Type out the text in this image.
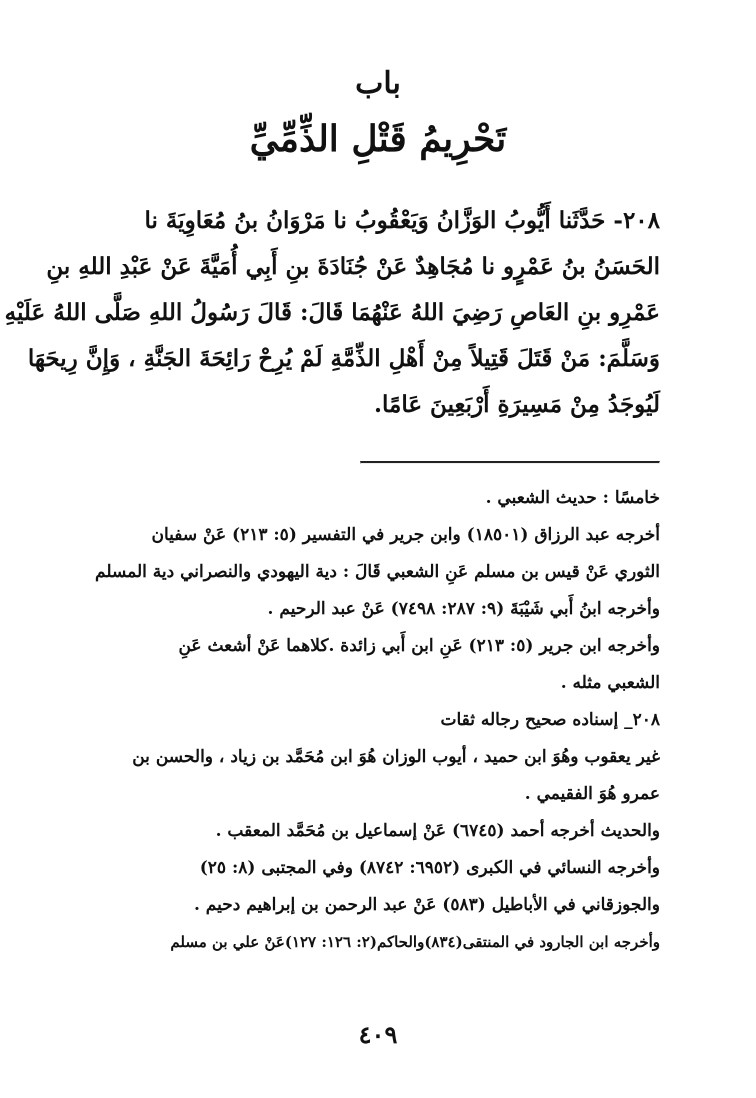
باب
تَحْرِيمُ قَتْلِ الذِّمِّيِّ

٢٠٨- حَدَّثَنا أَيُّوبُ الوَزَّانُ وَيَعْقُوبُ نا مَرْوَانُ بنُ مُعَاوِيَةَ نا
الحَسَنُ بنُ عَمْرٍو نا مُجَاهِدٌ عَنْ جُنَادَةَ بنِ أَبِي أُمَيَّةَ عَنْ عَبْدِ اللهِ بنِ
عَمْرِو بنِ العَاصِ رَضِيَ اللهُ عَنْهُمَا قَالَ: قَالَ رَسُولُ اللهِ صَلَّى اللهُ عَلَيْهِ
وَسَلَّمَ: مَنْ قَتَلَ قَتِيلاً مِنْ أَهْلِ الذِّمَّةِ لَمْ يُرِحْ رَائِحَةَ الجَنَّةِ ، وَإِنَّ رِيحَهَا
لَيُوجَدُ مِنْ مَسِيرَةِ أَرْبَعِينَ عَامًا.

خامسًا : حديث الشعبي .
أخرجه عبد الرزاق (١٨٥٠١) وابن جرير في التفسير (٥: ٢١٣) عَنْ سفيان
الثوري عَنْ قيس بن مسلم عَنِ الشعبي قَالَ : دية اليهودي والنصراني دية المسلم
وأخرجه ابنُ أَبي شَيْبَةَ (٩: ٢٨٧: ٧٤٩٨) عَنْ عبد الرحيم .
وأخرجه ابن جرير (٥: ٢١٣) عَنِ ابن أَبي زائدة .كلاهما عَنْ أشعث عَنِ
الشعبي مثله .
٢٠٨_ إسناده صحيح رجاله ثقات
غير يعقوب وهُوَ ابن حميد ، أيوب الوزان هُوَ ابن مُحَمَّد بن زياد ، والحسن بن
عمرو هُوَ الفقيمي .
والحديث أخرجه أحمد (٦٧٤٥) عَنْ إسماعيل بن مُحَمَّد المعقب .
وأخرجه النسائي في الكبرى (٦٩٥٢: ٨٧٤٢) وفي المجتبى (٨: ٢٥)
والجوزقاني في الأباطيل (٥٨٣) عَنْ عبد الرحمن بن إبراهيم دحيم .
وأخرجه ابن الجارود في المنتقى(٨٣٤)والحاكم(٢: ١٢٦: ١٢٧)عَنْ علي بن مسلم

٤٠٩
